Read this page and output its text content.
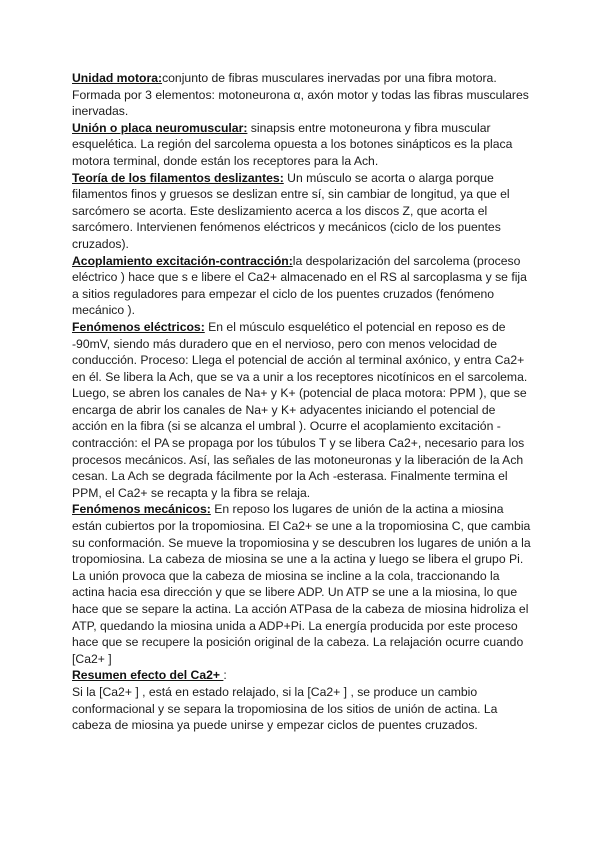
Unidad motora:conjunto de fibras musculares inervadas por una fibra motora. Formada por 3 elementos: motoneurona α, axón motor y todas las fibras musculares inervadas.

Unión o placa neuromuscular: sinapsis entre motoneurona y fibra muscular esquelética. La región del sarcolema opuesta a los botones sinápticos es la placa motora terminal, donde están los receptores para la Ach.

Teoría de los filamentos deslizantes: Un músculo se acorta o alarga porque filamentos finos y gruesos se deslizan entre sí, sin cambiar de longitud, ya que el sarcómero se acorta. Este deslizamiento acerca a los discos Z, que acorta el sarcómero. Intervienen fenómenos eléctricos y mecánicos (ciclo de los puentes cruzados).

Acoplamiento excitación-contracción:la despolarización del sarcolema (proceso eléctrico ) hace que s e libere el Ca2+ almacenado en el RS al sarcoplasma y se fija a sitios reguladores para empezar el ciclo de los puentes cruzados (fenómeno mecánico ).

Fenómenos eléctricos: En el músculo esquelético el potencial en reposo es de -90mV, siendo más duradero que en el nervioso, pero con menos velocidad de conducción. Proceso: Llega el potencial de acción al terminal axónico, y entra Ca2+ en él. Se libera la Ach, que se va a unir a los receptores nicotínicos en el sarcolema. Luego, se abren los canales de Na+ y K+ (potencial de placa motora: PPM ), que se encarga de abrir los canales de Na+ y K+ adyacentes iniciando el potencial de acción en la fibra (si se alcanza el umbral ). Ocurre el acoplamiento excitación -contracción: el PA se propaga por los túbulos T y se libera Ca2+, necesario para los procesos mecánicos. Así, las señales de las motoneuronas y la liberación de la Ach cesan. La Ach se degrada fácilmente por la Ach -esterasa. Finalmente termina el PPM, el Ca2+ se recapta y la fibra se relaja.

Fenómenos mecánicos: En reposo los lugares de unión de la actina a miosina están cubiertos por la tropomiosina. El Ca2+ se une a la tropomiosina C, que cambia su conformación. Se mueve la tropomiosina y se descubren los lugares de unión a la tropomiosina. La cabeza de miosina se une a la actina y luego se libera el grupo Pi. La unión provoca que la cabeza de miosina se incline a la cola, traccionando la actina hacia esa dirección y que se libere ADP. Un ATP se une a la miosina, lo que hace que se separe la actina. La acción ATPasa de la cabeza de miosina hidroliza el ATP, quedando la miosina unida a ADP+Pi. La energía producida por este proceso hace que se recupere la posición original de la cabeza. La relajación ocurre cuando [Ca2+ ]

Resumen efecto del Ca2+ :

Si la [Ca2+ ] , está en estado relajado, si la [Ca2+ ] , se produce un cambio conformacional y se separa la tropomiosina de los sitios de unión de actina. La cabeza de miosina ya puede unirse y empezar ciclos de puentes cruzados.
